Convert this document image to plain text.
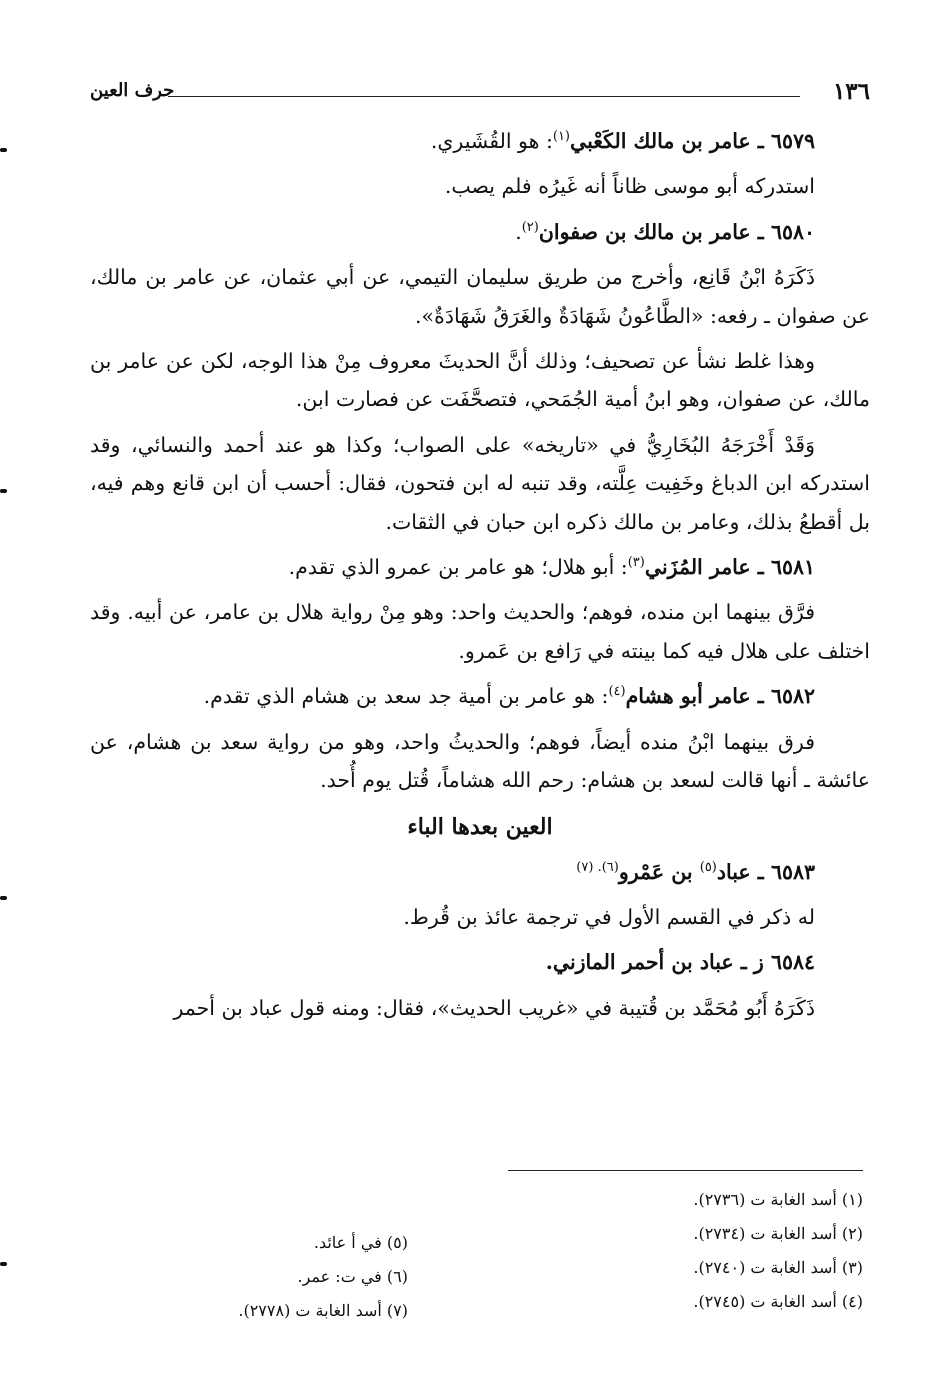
١٣٦
حرف العين

٦٥٧٩ ـ عامر بن مالك الكَعْبي$^{(١)}$: هو القُشَيري.

استدركه أبو موسى ظاناً أنه غَيرُه فلم يصب.

٦٥٨٠ ـ عامر بن مالك بن صفوان$^{(٢)}$.

ذَكَرَهُ ابْنُ قَانِع، وأخرج من طريق سليمان التيمي، عن أبي عثمان، عن عامر بن مالك، عن صفوان ـ رفعه: «الطَّاعُونُ شَهَادَةٌ والغَرَقُ شَهَادَةٌ».

وهذا غلط نشأ عن تصحيف؛ وذلك أنَّ الحديثَ معروف مِنْ هذا الوجه، لكن عن عامر بن مالك، عن صفوان، وهو ابنُ أمية الجُمَحي، فتصحَّفَت عن فصارت ابن.

وَقَدْ أَخْرَجَهُ البُخَارِيُّ في «تاريخه» على الصواب؛ وكذا هو عند أحمد والنسائي، وقد استدركه ابن الدباغ وخَفِيت عِلَّته، وقد تنبه له ابن فتحون، فقال: أحسب أن ابن قانع وهم فيه، بل أقطعُ بذلك، وعامر بن مالك ذكره ابن حبان في الثقات.

٦٥٨١ ـ عامر المُزَني$^{(٣)}$: أبو هلال؛ هو عامر بن عمرو الذي تقدم.

فرَّق بينهما ابن منده، فوهم؛ والحديث واحد: وهو مِنْ رواية هلال بن عامر، عن أبيه. وقد اختلف على هلال فيه كما بينته في رَافع بن عَمرو.

٦٥٨٢ ـ عامر أبو هشام$^{(٤)}$: هو عامر بن أمية جد سعد بن هشام الذي تقدم.

فرق بينهما ابْنُ منده أيضاً، فوهم؛ والحديثُ واحد، وهو من رواية سعد بن هشام، عن عائشة ـ أنها قالت لسعد بن هشام: رحم الله هشاماً، قُتل يوم أُحد.

العين بعدها الباء

٦٥٨٣ ـ عباد$^{(٥)}$ بن عَمْرو$^{(٦). (٧)}$

له ذكر في القسم الأول في ترجمة عائذ بن قُرط.

٦٥٨٤ ز ـ عباد بن أحمر المازني.

ذَكَرَهُ أَبُو مُحَمَّد بن قُتيبة في «غريب الحديث»، فقال: ومنه قول عباد بن أحمر

(١) أسد الغابة ت (٢٧٣٦).
(٢) أسد الغابة ت (٢٧٣٤).
(٣) أسد الغابة ت (٢٧٤٠).
(٤) أسد الغابة ت (٢٧٤٥).
(٥) في أ عائد.
(٦) في ت: عمر.
(٧) أسد الغابة ت (٢٧٧٨).
